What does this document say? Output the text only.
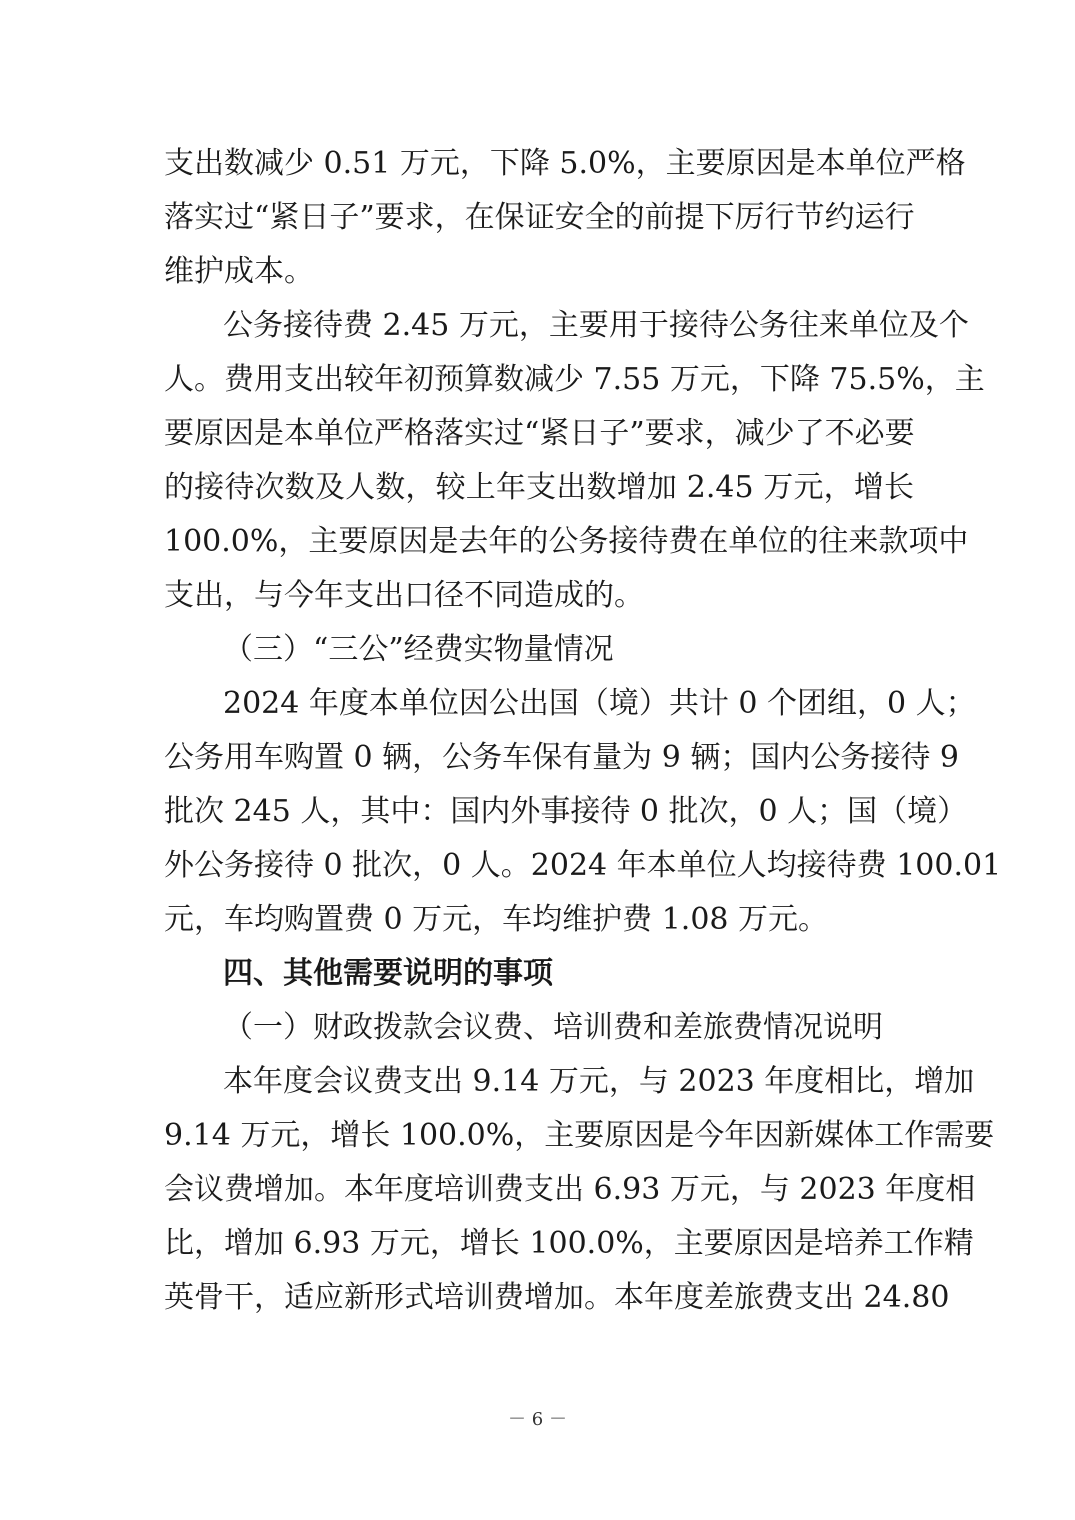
支出数减少 0.51 万元，下降 5.0%，主要原因是本单位严格
落实过“紧日子”要求，在保证安全的前提下厉行节约运行
维护成本。
公务接待费 2.45 万元，主要用于接待公务往来单位及个
人。费用支出较年初预算数减少 7.55 万元，下降 75.5%，主
要原因是本单位严格落实过“紧日子”要求，减少了不必要
的接待次数及人数，较上年支出数增加 2.45 万元，增长
100.0%，主要原因是去年的公务接待费在单位的往来款项中
支出，与今年支出口径不同造成的。
（三）“三公”经费实物量情况
2024 年度本单位因公出国（境）共计 0 个团组，0 人；
公务用车购置 0 辆，公务车保有量为 9 辆；国内公务接待 9
批次 245 人，其中：国内外事接待 0 批次，0 人；国（境）
外公务接待 0 批次，0 人。2024 年本单位人均接待费 100.01
元，车均购置费 0 万元，车均维护费 1.08 万元。
四、其他需要说明的事项
（一）财政拨款会议费、培训费和差旅费情况说明
本年度会议费支出 9.14 万元，与 2023 年度相比，增加
9.14 万元，增长 100.0%，主要原因是今年因新媒体工作需要
会议费增加。本年度培训费支出 6.93 万元，与 2023 年度相
比，增加 6.93 万元，增长 100.0%，主要原因是培养工作精
英骨干，适应新形式培训费增加。本年度差旅费支出 24.80
－ 6 －
